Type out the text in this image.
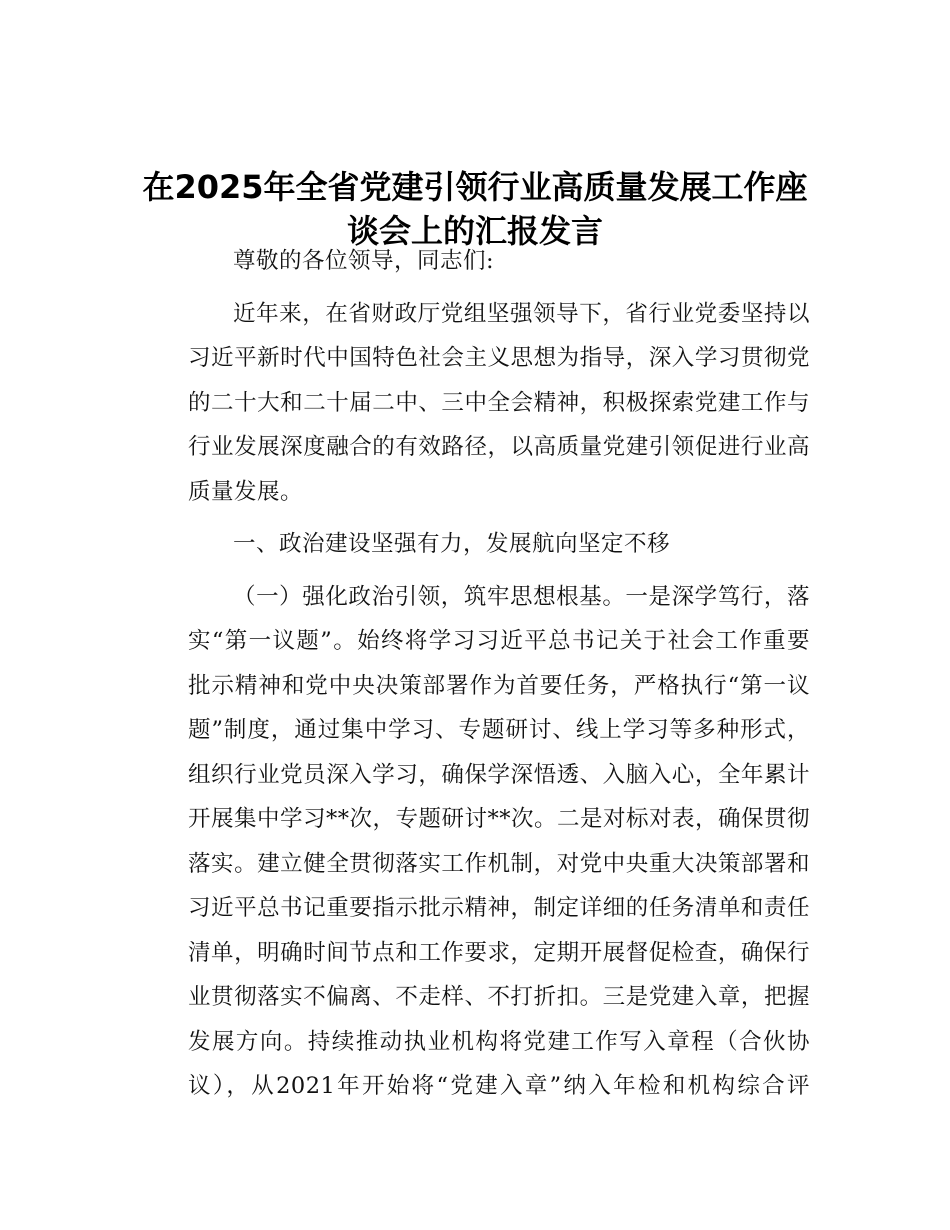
在2025年全省党建引领行业高质量发展工作座
谈会上的汇报发言
尊敬的各位领导，同志们:
近年来，在省财政厅党组坚强领导下，省行业党委坚持以
习近平新时代中国特色社会主义思想为指导，深入学习贯彻党
的二十大和二十届二中、三中全会精神，积极探索党建工作与
行业发展深度融合的有效路径，以高质量党建引领促进行业高
质量发展。
一、政治建设坚强有力，发展航向坚定不移
（一）强化政治引领，筑牢思想根基。一是深学笃行，落
实“第一议题”。始终将学习习近平总书记关于社会工作重要
批示精神和党中央决策部署作为首要任务，严格执行“第一议
题”制度，通过集中学习、专题研讨、线上学习等多种形式，
组织行业党员深入学习，确保学深悟透、入脑入心，全年累计
开展集中学习**次，专题研讨**次。二是对标对表，确保贯彻
落实。建立健全贯彻落实工作机制，对党中央重大决策部署和
习近平总书记重要指示批示精神，制定详细的任务清单和责任
清单，明确时间节点和工作要求，定期开展督促检查，确保行
业贯彻落实不偏离、不走样、不打折扣。三是党建入章，把握
发展方向。持续推动执业机构将党建工作写入章程（合伙协
议），从2021年开始将“党建入章”纳入年检和机构综合评
